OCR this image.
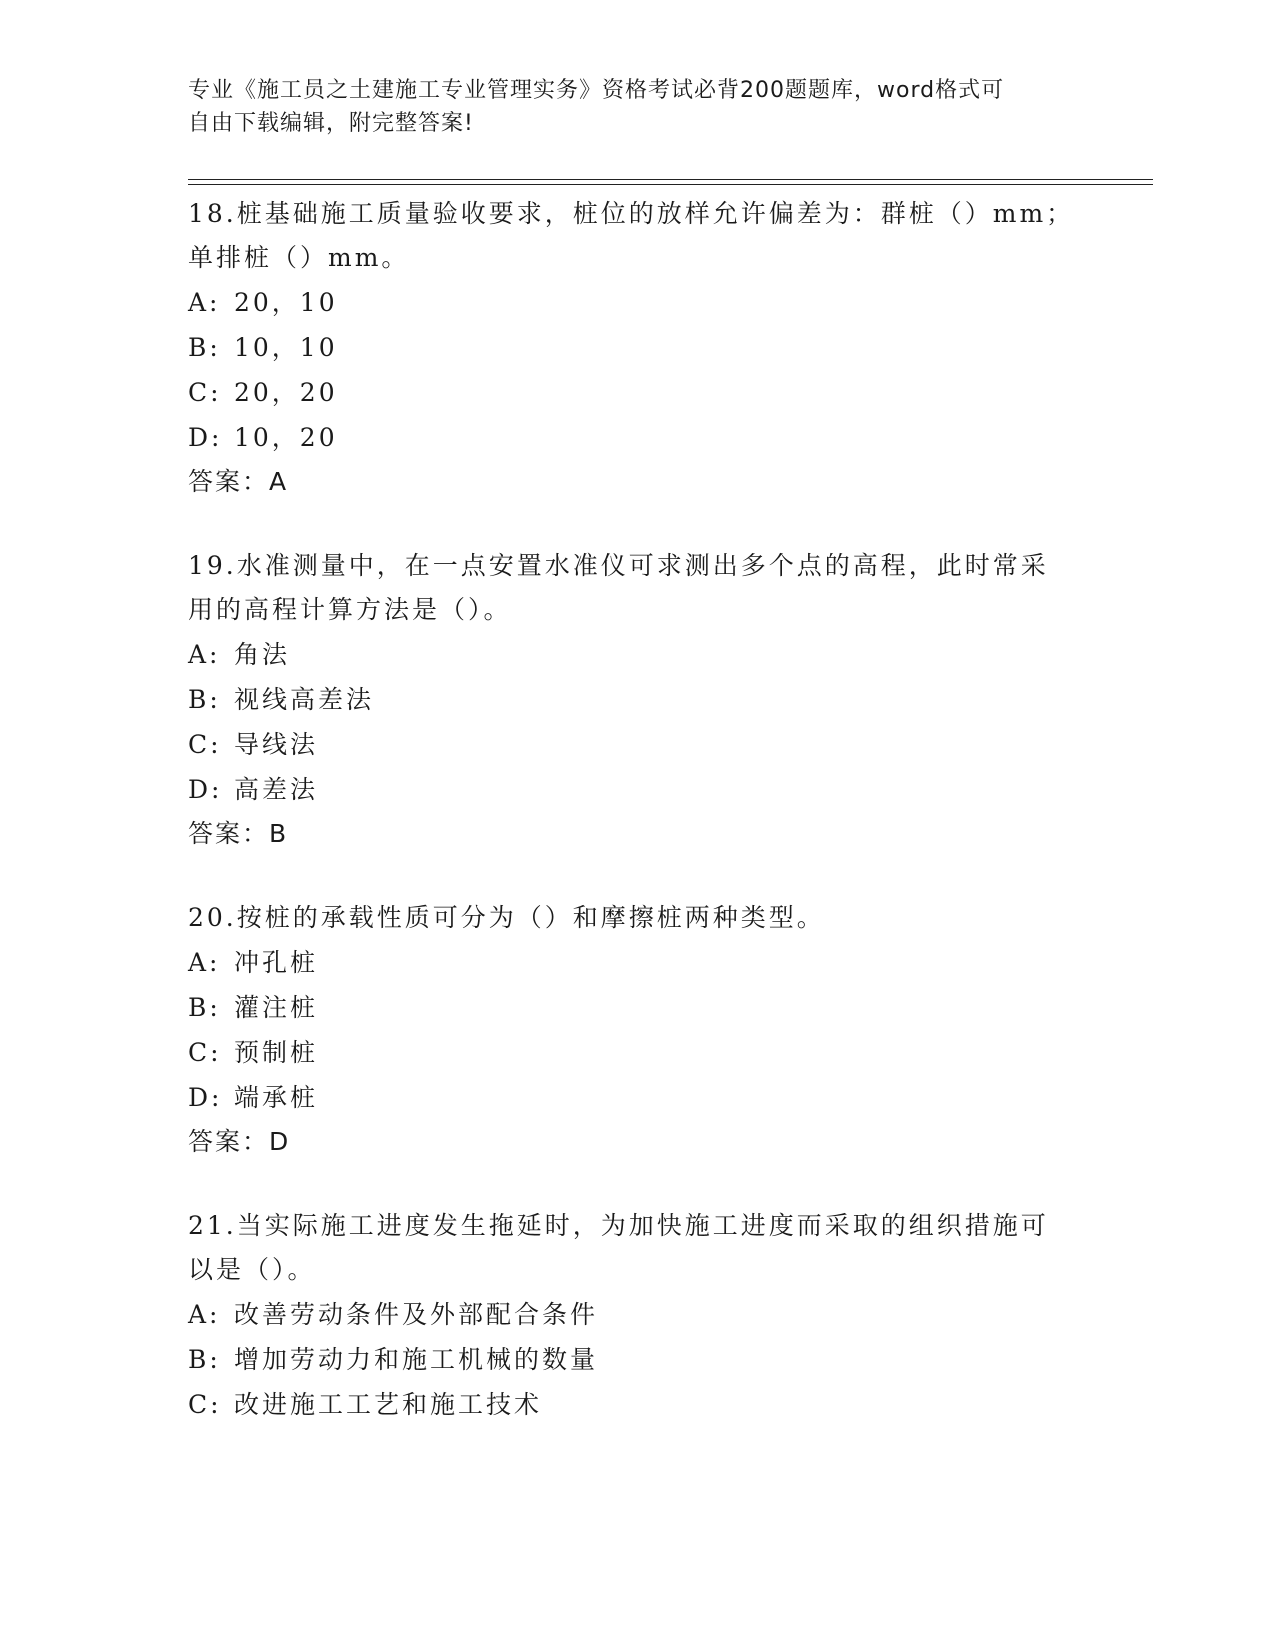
专业《施工员之土建施工专业管理实务》资格考试必背200题题库，word格式可
自由下载编辑，附完整答案!
18.桩基础施工质量验收要求，桩位的放样允许偏差为：群桩（）mm；
单排桩（）mm。
A: 20，10
B: 10，10
C: 20，20
D: 10，20
答案：A
19.水准测量中，在一点安置水准仪可求测出多个点的高程，此时常采
用的高程计算方法是（）。
A: 角法
B: 视线高差法
C: 导线法
D: 高差法
答案：B
20.按桩的承载性质可分为（）和摩擦桩两种类型。
A: 冲孔桩
B: 灌注桩
C: 预制桩
D: 端承桩
答案：D
21.当实际施工进度发生拖延时，为加快施工进度而采取的组织措施可
以是（）。
A: 改善劳动条件及外部配合条件
B: 增加劳动力和施工机械的数量
C: 改进施工工艺和施工技术
